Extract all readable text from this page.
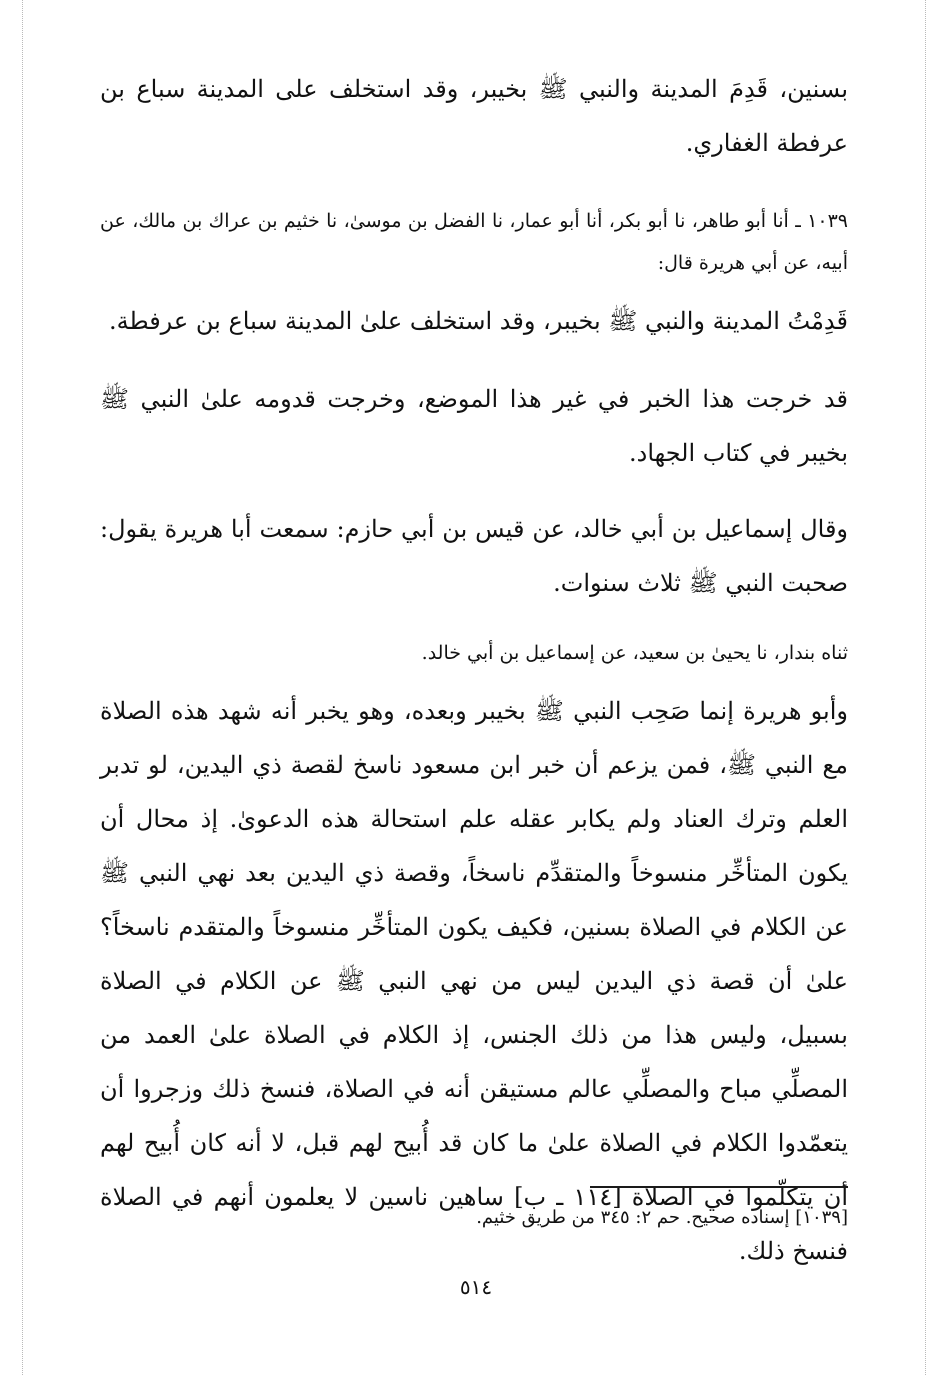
بسنين، قَدِمَ المدينة والنبي ﷺ بخيبر، وقد استخلف على المدينة سباع بن عرفطة الغفاري.

١٠٣٩ ـ أنا أبو طاهر، نا أبو بكر، أنا أبو عمار، نا الفضل بن موسىٰ، نا خثيم بن عراك بن مالك، عن أبيه، عن أبي هريرة قال:

قَدِمْتُ المدينة والنبي ﷺ بخيبر، وقد استخلف علىٰ المدينة سباع بن عرفطة.

قد خرجت هذا الخبر في غير هذا الموضع، وخرجت قدومه علىٰ النبي ﷺ بخيبر في كتاب الجهاد.

وقال إسماعيل بن أبي خالد، عن قيس بن أبي حازم: سمعت أبا هريرة يقول: صحبت النبي ﷺ ثلاث سنوات.

ثناه بندار، نا يحيىٰ بن سعيد، عن إسماعيل بن أبي خالد.

وأبو هريرة إنما صَحِب النبي ﷺ بخيبر وبعده، وهو يخبر أنه شهد هذه الصلاة مع النبي ﷺ، فمن يزعم أن خبر ابن مسعود ناسخ لقصة ذي اليدين، لو تدبر العلم وترك العناد ولم يكابر عقله علم استحالة هذه الدعوىٰ. إذ محال أن يكون المتأخِّر منسوخاً والمتقدِّم ناسخاً، وقصة ذي اليدين بعد نهي النبي ﷺ عن الكلام في الصلاة بسنين، فكيف يكون المتأخِّر منسوخاً والمتقدم ناسخاً؟ علىٰ أن قصة ذي اليدين ليس من نهي النبي ﷺ عن الكلام في الصلاة بسبيل، وليس هذا من ذلك الجنس، إذ الكلام في الصلاة علىٰ العمد من المصلِّي مباح والمصلِّي عالم مستيقن أنه في الصلاة، فنسخ ذلك وزجروا أن يتعمّدوا الكلام في الصلاة علىٰ ما كان قد أُبيح لهم قبل، لا أنه كان أُبيح لهم أن يتكلّموا في الصلاة [١١٤ ـ ب] ساهين ناسين لا يعلمون أنهم في الصلاة فنسخ ذلك.

[١٠٣٩] إسناده صحيح. حم ٢: ٣٤٥ من طريق خثيم.
٥١٤
